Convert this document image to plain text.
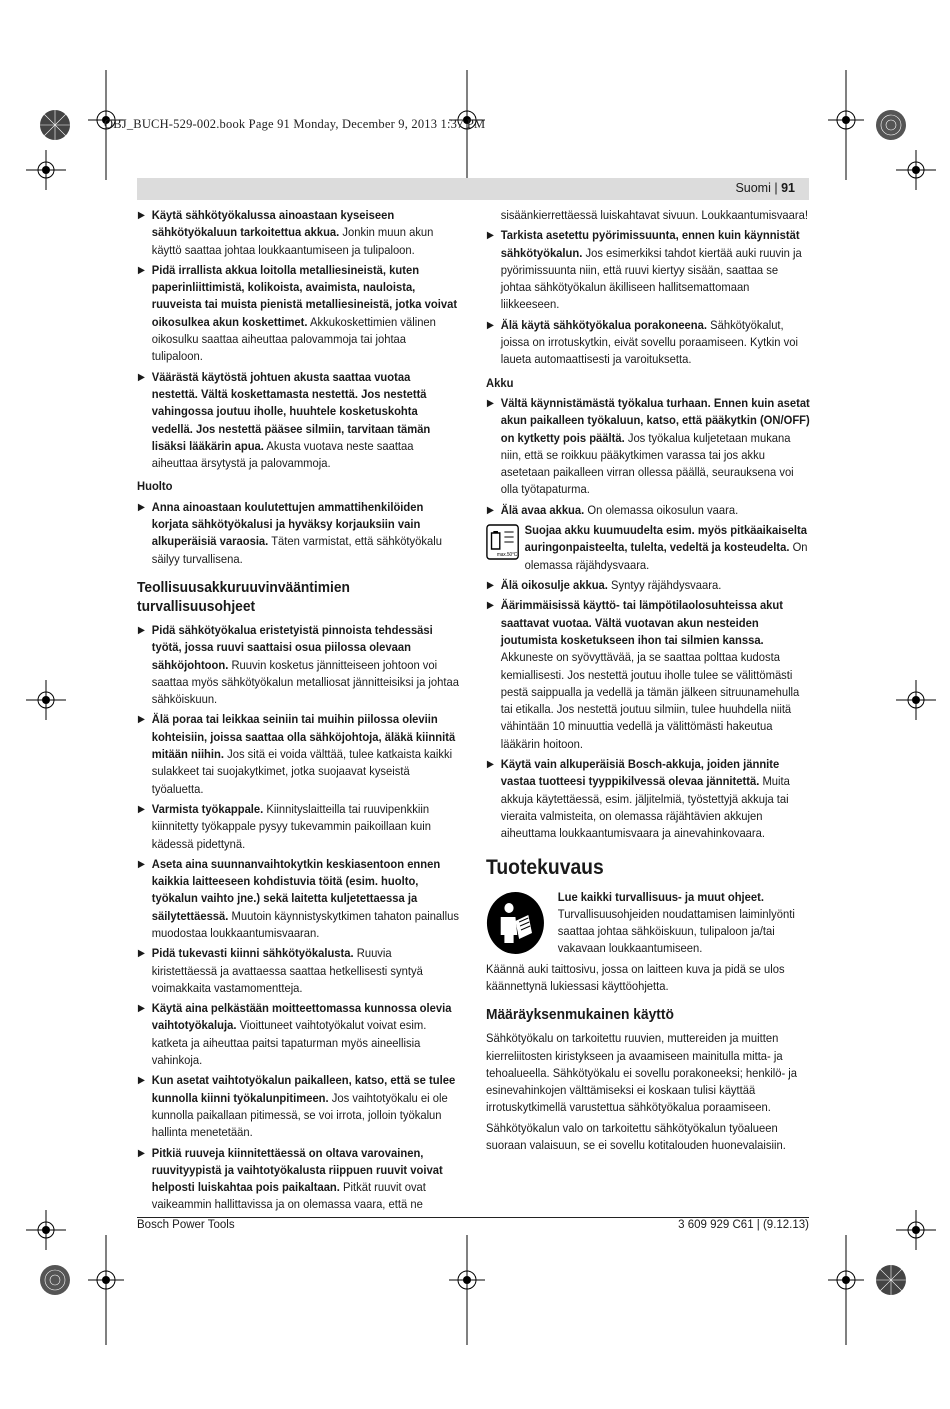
OBJ_BUCH-529-002.book Page 91 Monday, December 9, 2013 1:37 PM
Suomi | 91
▶ Käytä sähkötyökalussa ainoastaan kyseiseen sähkötyökaluun tarkoitettua akkua. Jonkin muun akun käyttö saattaa johtaa loukkaantumiseen ja tulipaloon.
▶ Pidä irrallista akkua loitolla metalliesineistä, kuten paperinliittimistä, kolikoista, avaimista, nauloista, ruuveista tai muista pienistä metalliesineistä, jotka voivat oikosulkea akun koskettimet. Akkukoskettimien välinen oikosulku saattaa aiheuttaa palovammoja tai johtaa tulipaloon.
▶ Väärästä käytöstä johtuen akusta saattaa vuotaa nestettä. Vältä koskettamasta nestettä. Jos nestettä vahingossa joutuu iholle, huuhtele kosketuskohta vedellä. Jos nestettä pääsee silmiin, tarvitaan tämän lisäksi lääkärin apua. Akusta vuotava neste saattaa aiheuttaa ärsytystä ja palovammoja.
Huolto
▶ Anna ainoastaan koulutettujen ammattihenkilöiden korjata sähkötyökalusi ja hyväksy korjauksiin vain alkuperäisiä varaosia. Täten varmistat, että sähkötyökalu säilyy turvallisena.
Teollisuusakkuruuvinvääntimien turvallisuusohjeet
▶ Pidä sähkötyökalua eristetyistä pinnoista tehdessäsi työtä, jossa ruuvi saattaisi osua piilossa olevaan sähköjohtoon. Ruuvin kosketus jännitteiseen johtoon voi saattaa myös sähkötyökalun metalliosat jännitteisiksi ja johtaa sähköiskuun.
▶ Älä poraa tai leikkaa seiniin tai muihin piilossa oleviin kohteisiin, joissa saattaa olla sähköjohtoja, äläkä kiinnitä mitään niihin. Jos sitä ei voida välttää, tulee katkaista kaikki sulakkeet tai suojakytkimet, jotka suojaavat kyseistä työaluetta.
▶ Varmista työkappale. Kiinnityslaitteilla tai ruuvipenkkiin kiinnitetty työkappale pysyy tukevammin paikoillaan kuin kädessä pidettynä.
▶ Aseta aina suunnanvaihtokytkin keskiasentoon ennen kaikkia laitteeseen kohdistuvia töitä (esim. huolto, työkalun vaihto jne.) sekä laitetta kuljetettaessa ja säilytettäessä. Muutoin käynnistyskytkimen tahaton painallus muodostaa loukkaantumisvaaran.
▶ Pidä tukevasti kiinni sähkötyökalusta. Ruuvia kiristettäessä ja avattaessa saattaa hetkellisesti syntyä voimakkaita vastamomentteja.
▶ Käytä aina pelkästään moitteettomassa kunnossa olevia vaihtotyökaluja. Vioittuneet vaihtotyökalut voivat esim. katketa ja aiheuttaa paitsi tapaturman myös aineellisia vahinkoja.
▶ Kun asetat vaihtotyökalun paikalleen, katso, että se tulee kunnolla kiinni työkalunpitimeen. Jos vaihtotyökalu ei ole kunnolla paikallaan pitimessä, se voi irrota, jolloin työkalun hallinta menetetään.
▶ Pitkiä ruuveja kiinnitettäessä on oltava varovainen, ruuvityypistä ja vaihtotyökalusta riippuen ruuvit voivat helposti luiskahtaa pois paikaltaan. Pitkät ruuvit ovat vaikeammin hallittavissa ja on olemassa vaara, että ne
sisäänkierrettäessä luiskahtavat sivuun. Loukkaantumisvaara!
▶ Tarkista asetettu pyörimissuunta, ennen kuin käynnistät sähkötyökalun. Jos esimerkiksi tahdot kiertää auki ruuvin ja pyörimissuunta niin, että ruuvi kiertyy sisään, saattaa se johtaa sähkötyökalun äkilliseen hallitsemattomaan liikkeeseen.
▶ Älä käytä sähkötyökalua porakoneena. Sähkötyökalut, joissa on irrotuskytkin, eivät sovellu poraamiseen. Kytkin voi laueta automaattisesti ja varoituksetta.
Akku
▶ Vältä käynnistämästä työkalua turhaan. Ennen kuin asetat akun paikalleen työkaluun, katso, että pääkytkin (ON/OFF) on kytketty pois päältä. Jos työkalua kuljetetaan mukana niin, että se roikkuu pääkytkimen varassa tai jos akku asetetaan paikalleen virran ollessa päällä, seurauksena voi olla työtapaturma.
▶ Älä avaa akkua. On olemassa oikosulun vaara.
max.50°C
Suojaa akku kuumuudelta esim. myös pitkäaikaiselta auringonpaisteelta, tulelta, vedeltä ja kosteudelta. On olemassa räjähdysvaara.
▶ Älä oikosulje akkua. Syntyy räjähdysvaara.
▶ Äärimmäisissä käyttö- tai lämpötilaolosuhteissa akut saattavat vuotaa. Vältä vuotavan akun nesteiden joutumista kosketukseen ihon tai silmien kanssa. Akkuneste on syövyttävää, ja se saattaa polttaa kudosta kemiallisesti. Jos nestettä joutuu iholle tulee se välittömästi pestä saippualla ja vedellä ja tämän jälkeen sitruunamehulla tai etikalla. Jos nestettä joutuu silmiin, tulee huuhdella niitä vähintään 10 minuuttia vedellä ja välittömästi hakeutua lääkärin hoitoon.
▶ Käytä vain alkuperäisiä Bosch-akkuja, joiden jännite vastaa tuotteesi tyyppikilvessä olevaa jännitettä. Muita akkuja käytettäessä, esim. jäljitelmiä, työstettyjä akkuja tai vieraita valmisteita, on olemassa räjähtävien akkujen aiheuttama loukkaantumisvaara ja ainevahinkovaara.
Tuotekuvaus
Lue kaikki turvallisuus- ja muut ohjeet. Turvallisuusohjeiden noudattamisen laiminlyönti saattaa johtaa sähköiskuun, tulipaloon ja/tai vakavaan loukkaantumiseen.
Käännä auki taittosivu, jossa on laitteen kuva ja pidä se ulos käännettynä lukiessasi käyttöohjetta.
Määräyksenmukainen käyttö
Sähkötyökalu on tarkoitettu ruuvien, muttereiden ja muitten kierreliitosten kiristykseen ja avaamiseen mainitulla mitta- ja tehoalueella. Sähkötyökalu ei sovellu porakoneeksi; henkilö- ja esinevahinkojen välttämiseksi ei koskaan tulisi käyttää irrotuskytkimellä varustettua sähkötyökalua poraamiseen.
Sähkötyökalun valo on tarkoitettu sähkötyökalun työalueen suoraan valaisuun, se ei sovellu kotitalouden huonevalaisiin.
Bosch Power Tools	3 609 929 C61 | (9.12.13)
